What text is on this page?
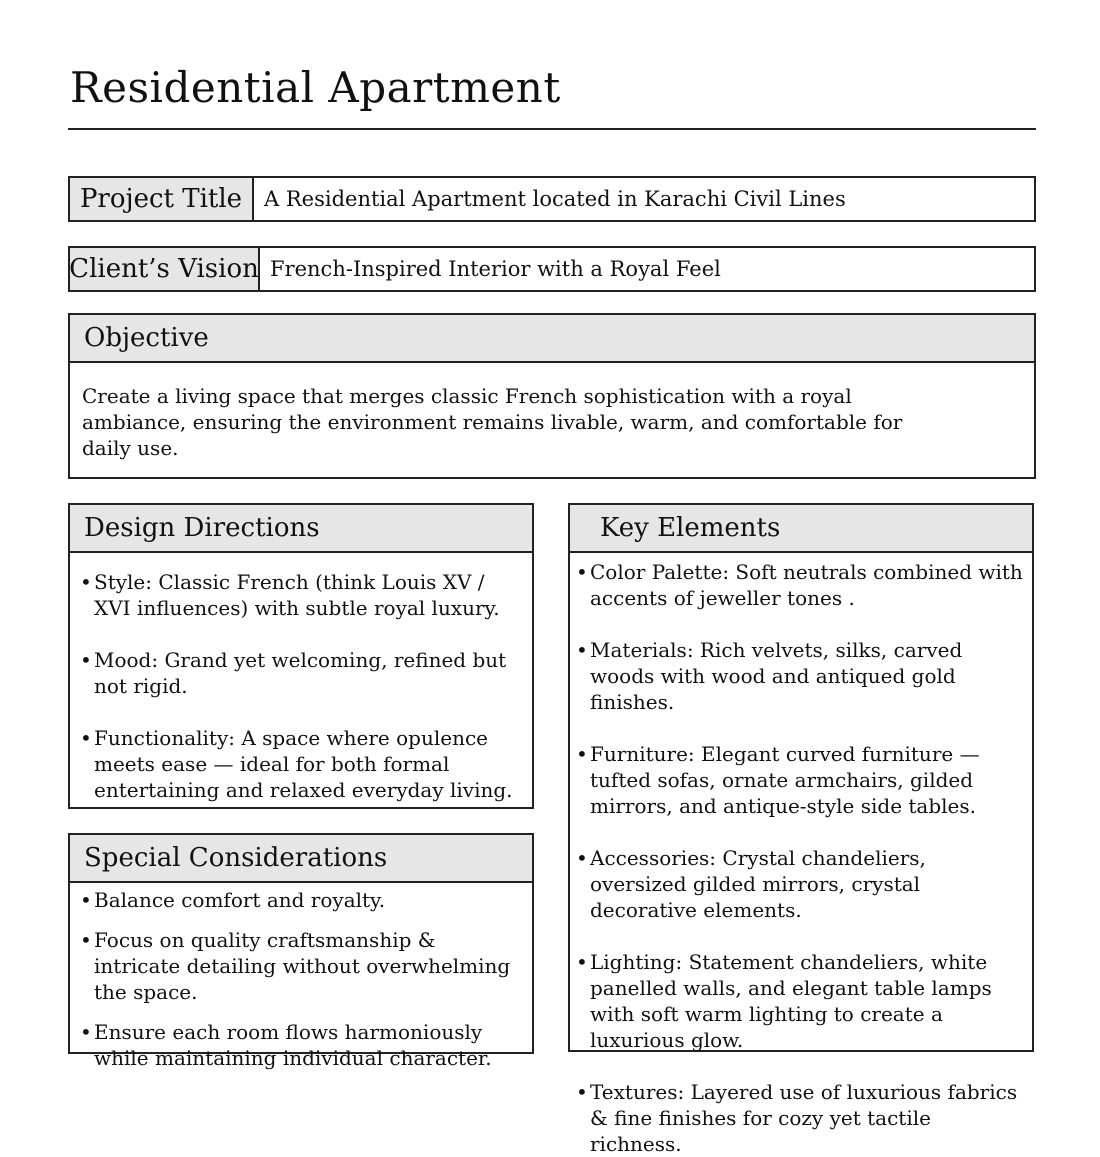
Residential Apartment
Project Title	A Residential Apartment located in Karachi Civil Lines
Client’s Vision French-Inspired Interior with a Royal Feel
Objective
Create a living space that merges classic French sophistication with a royal ambiance, ensuring the environment remains livable, warm, and comfortable for daily use.
Design Directions
• Style: Classic French (think Louis XV / XVI influences) with subtle royal luxury.
• Mood: Grand yet welcoming, refined but not rigid.
• Functionality: A space where opulence meets ease — ideal for both formal entertaining and relaxed everyday living.
Special Considerations
• Balance comfort and royalty.
• Focus on quality craftsmanship & intricate detailing without overwhelming the space.
• Ensure each room flows harmoniously while maintaining individual character.
Key Elements
• Color Palette: Soft neutrals combined with accents of jeweller tones .
• Materials: Rich velvets, silks, carved woods with wood and antiqued gold finishes.
• Furniture: Elegant curved furniture — tufted sofas, ornate armchairs, gilded mirrors, and antique-style side tables.
• Accessories: Crystal chandeliers, oversized gilded mirrors, crystal decorative elements.
• Lighting: Statement chandeliers, white panelled walls, and elegant table lamps with soft warm lighting to create a luxurious glow.
• Textures: Layered use of luxurious fabrics & fine finishes for cozy yet tactile richness.
